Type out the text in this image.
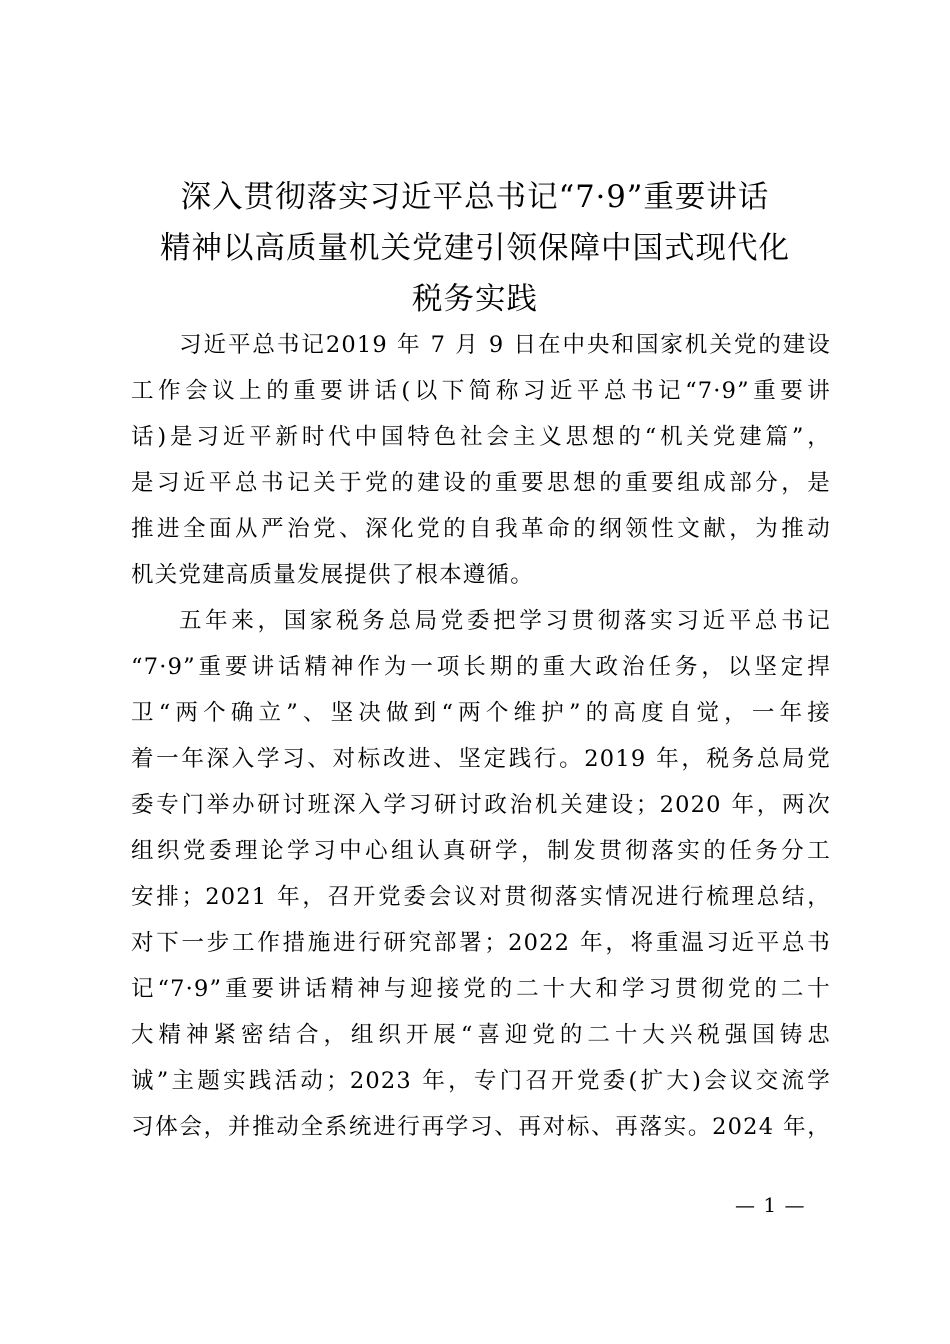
深入贯彻落实习近平总书记“7·9”重要讲话
精神以高质量机关党建引领保障中国式现代化
税务实践

习近平总书记2019 年 7 月 9 日在中央和国家机关党的建设
工作会议上的重要讲话(以下简称习近平总书记“7·9”重要讲
话)是习近平新时代中国特色社会主义思想的“机关党建篇”，
是习近平总书记关于党的建设的重要思想的重要组成部分，是
推进全面从严治党、深化党的自我革命的纲领性文献，为推动
机关党建高质量发展提供了根本遵循。

五年来，国家税务总局党委把学习贯彻落实习近平总书记
“7·9”重要讲话精神作为一项长期的重大政治任务，以坚定捍
卫“两个确立”、坚决做到“两个维护”的高度自觉，一年接
着一年深入学习、对标改进、坚定践行。2019 年，税务总局党
委专门举办研讨班深入学习研讨政治机关建设；2020 年，两次
组织党委理论学习中心组认真研学，制发贯彻落实的任务分工
安排；2021 年，召开党委会议对贯彻落实情况进行梳理总结，
对下一步工作措施进行研究部署；2022 年，将重温习近平总书
记“7·9”重要讲话精神与迎接党的二十大和学习贯彻党的二十
大精神紧密结合，组织开展“喜迎党的二十大兴税强国铸忠
诚”主题实践活动；2023 年，专门召开党委(扩大)会议交流学
习体会，并推动全系统进行再学习、再对标、再落实。2024 年，

— 1 —
